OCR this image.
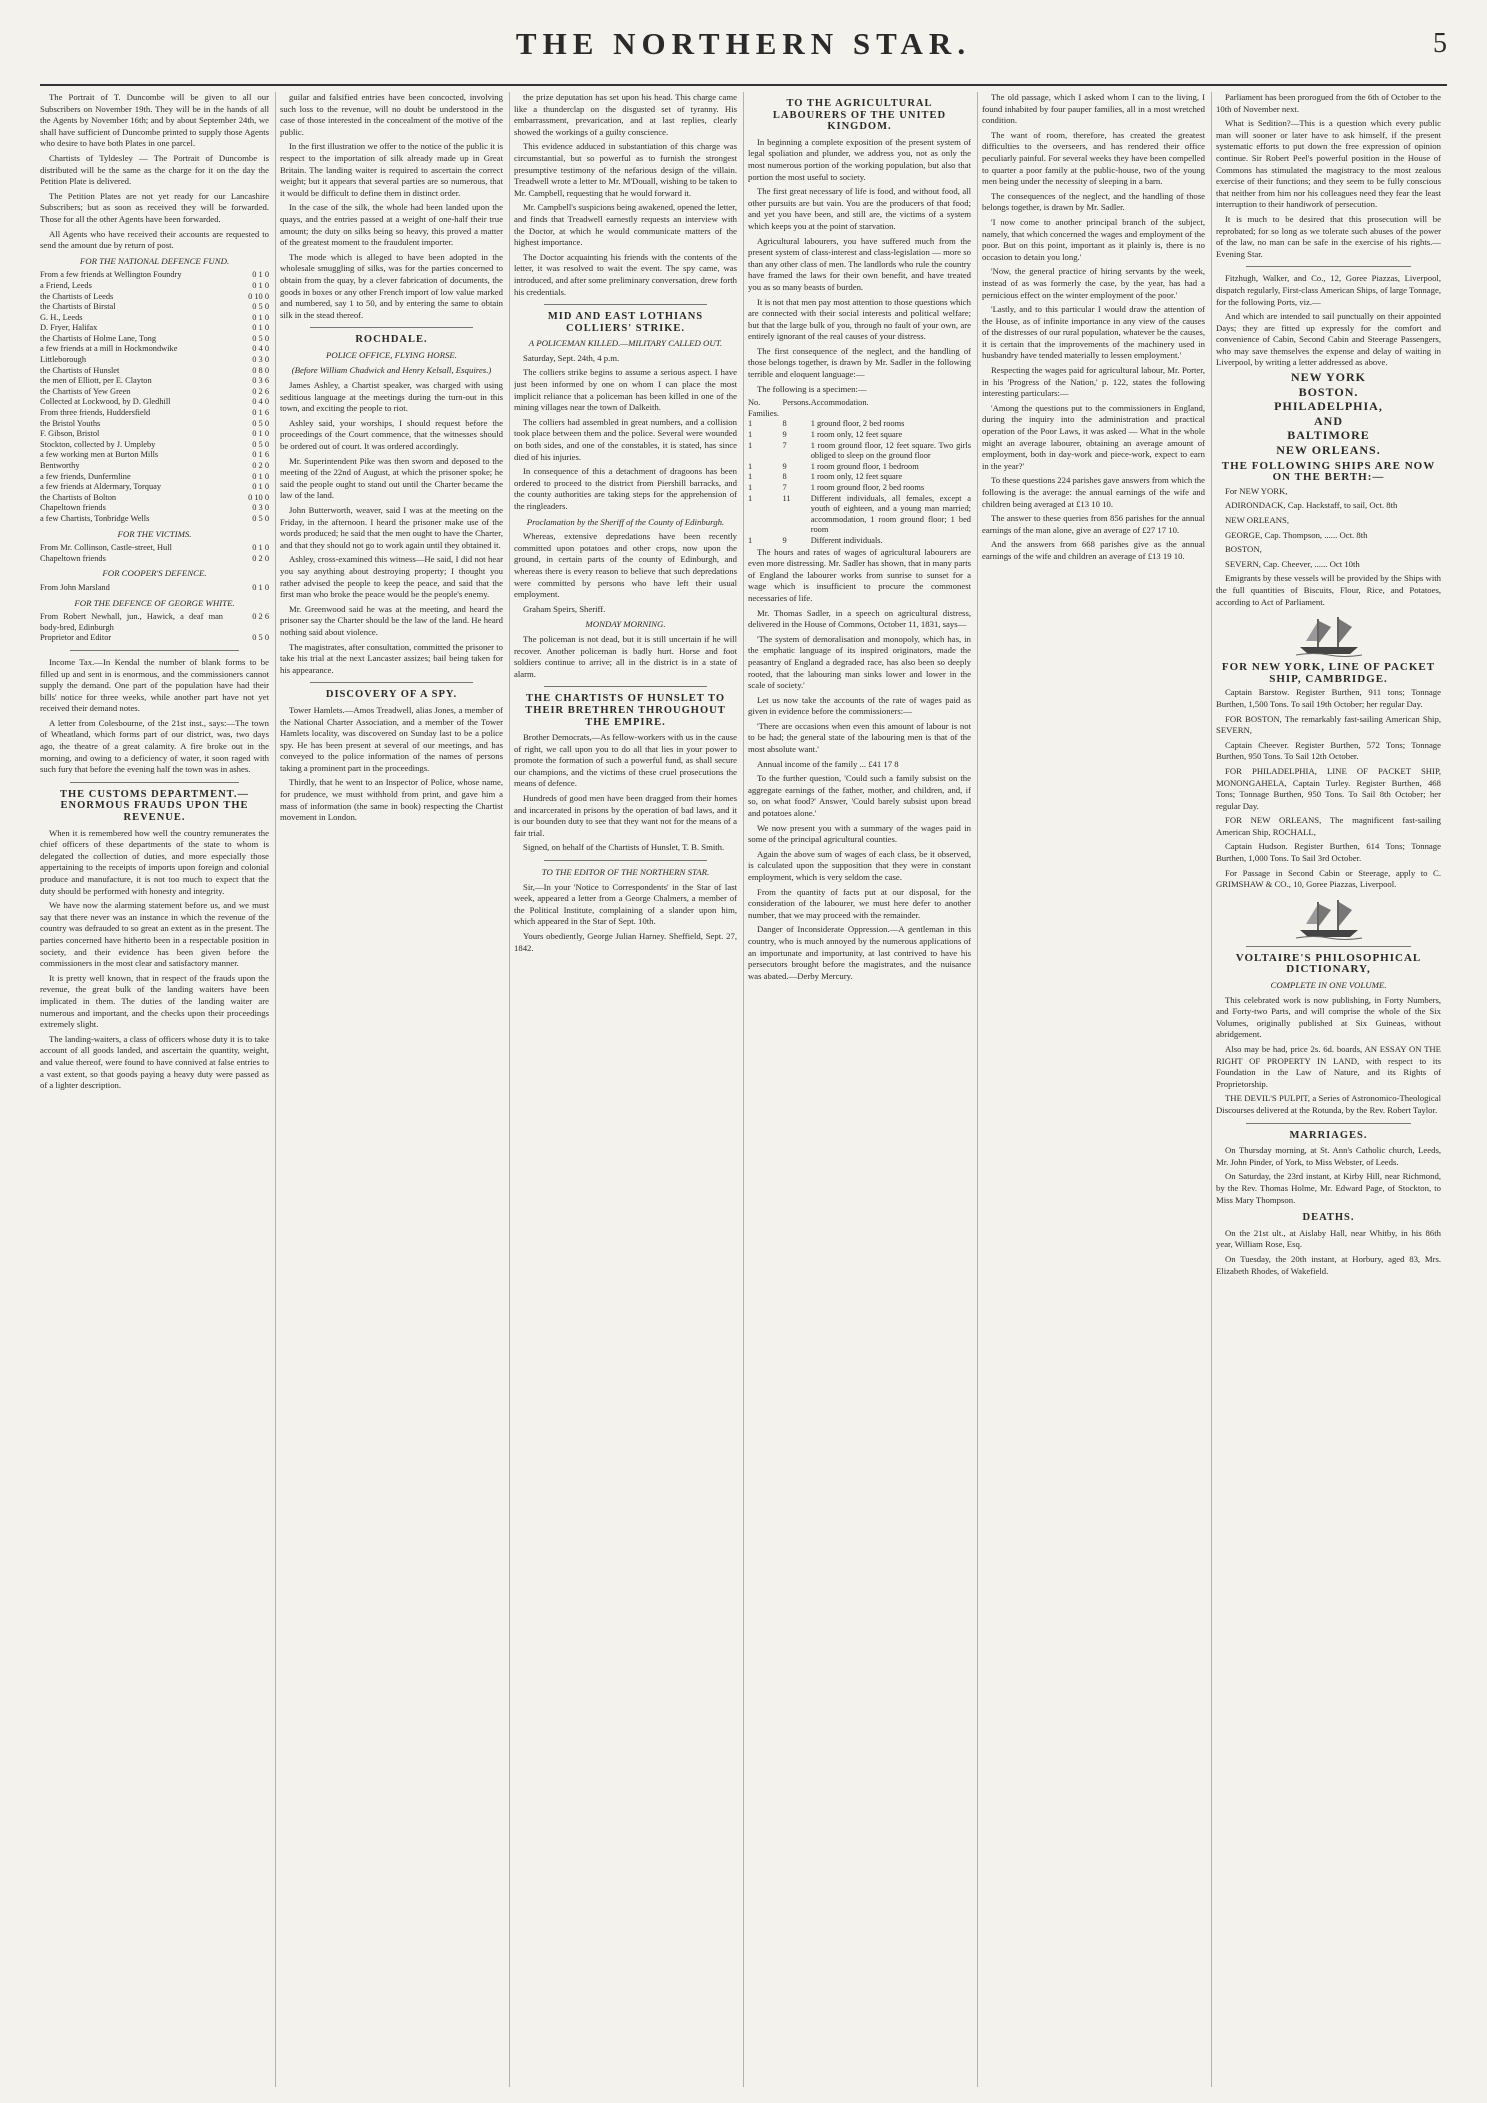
THE NORTHERN STAR.	5

The Portrait of T. Duncombe will be given to all our Subscribers on November 19th. They will be in the hands of all the Agents by November 16th; and by about September 24th, we shall have sufficient of Duncombe printed to supply those Agents who desire to have both Plates in one parcel.

Chartists of Tyldesley — The Portrait of Duncombe is distributed will be the same as the charge for it on the day the Petition Plate is delivered.

The Petition Plates are not yet ready for our Lancashire Subscribers; but as soon as received they will be forwarded. Those for all the other Agents have been forwarded.

All Agents who have received their accounts are requested to send the amount due by return of post.

FOR THE NATIONAL DEFENCE FUND.
From a few friends at Wellington Foundry	0 1 0
a Friend, Leeds	0 1 0
the Chartists of Leeds	0 10 0
the Chartists of Birstal	0 5 0
G. H., Leeds	0 1 0
D. Fryer, Halifax	0 1 0
the Chartists of Holme Lane, Tong	0 5 0
a few friends at a mill in Hockmondwike	0 4 0
Littleborough	0 3 0
the Chartists of Hunslet	0 8 0
the men of Elliott, per E. Clayton	0 3 6
the Chartists of Yew Green	0 2 6
Collected at Lockwood, by D. Gledhill	0 4 0
From three friends, Huddersfield	0 1 6
the Bristol Youths	0 5 0
F. Gibson, Bristol	0 1 0
Stockton, collected by J. Umpleby	0 5 0
a few working men at Burton Mills	0 1 6
Bentworthy	0 2 0
a few friends, Dunfermline	0 1 0
a few friends at Aldermary, Torquay	0 1 0
the Chartists of Bolton	0 10 0
Chapeltown friends	0 3 0
a few Chartists, Tonbridge Wells	0 5 0
FOR THE VICTIMS.
From Mr. Collinson, Castle-street, Hull	0 1 0
Chapeltown friends	0 2 0
FOR COOPER'S DEFENCE.
From John Marsland	0 1 0
FOR THE DEFENCE OF GEORGE WHITE.
From Robert Newhall, jun., Hawick, a deaf man body-bred, Edinburgh	0 2 6
Proprietor and Editor	0 5 0

Income Tax.—In Kendal the number of blank forms to be filled up and sent in is enormous, and the commissioners cannot supply the demand. One part of the population have had their bills' notice for three weeks, while another part have not yet received their demand notes.

A letter from Colesbourne, of the 21st inst., says:—The town of Wheatland, which forms part of our district, was, two days ago, the theatre of a great calamity. A fire broke out in the morning, and owing to a deficiency of water, it soon raged with such fury that before the evening half the town was in ashes.

THE CUSTOMS DEPARTMENT.—ENORMOUS FRAUDS UPON THE REVENUE.

When it is remembered how well the country remunerates the chief officers of these departments of the state to whom is delegated the collection of duties, and more especially those appertaining to the receipts of imports upon foreign and colonial produce and manufacture, it is not too much to expect that the duty should be performed with honesty and integrity.

We have now the alarming statement before us, and we must say that there never was an instance in which the revenue of the country was defrauded to so great an extent as in the present. The parties concerned have hitherto been in a respectable position in society, and their evidence has been given before the commissioners in the most clear and satisfactory manner.

It is pretty well known, that in respect of the frauds upon the revenue, the great bulk of the landing waiters have been implicated in them. The duties of the landing waiter are numerous and important, and the checks upon their proceedings extremely slight.

The landing-waiters, a class of officers whose duty it is to take account of all goods landed, and ascertain the quantity, weight, and value thereof, were found to have connived at false entries to a vast extent, so that goods paying a heavy duty were passed as of a lighter description.

guilar and falsified entries have been concocted, involving such loss to the revenue, will no doubt be understood in the case of those interested in the concealment of the motive of the public.

In the first illustration we offer to the notice of the public it is respect to the importation of silk already made up in Great Britain. The landing waiter is required to ascertain the correct weight; but it appears that several parties are so numerous, that it would be difficult to define them in distinct order.

In the case of the silk, the whole had been landed upon the quays, and the entries passed at a weight of one-half their true amount; the duty on silks being so heavy, this proved a matter of the greatest moment to the fraudulent importer.

The mode which is alleged to have been adopted in the wholesale smuggling of silks, was for the parties concerned to obtain from the quay, by a clever fabrication of documents, the goods in boxes or any other French import of low value marked and numbered, say 1 to 50, and by entering the same to obtain silk in the stead thereof.

ROCHDALE.
POLICE OFFICE, FLYING HORSE.
(Before William Chadwick and Henry Kelsall, Esquires.)

James Ashley, a Chartist speaker, was charged with using seditious language at the meetings during the turn-out in this town, and exciting the people to riot.

Ashley said, your worships, I should request before the proceedings of the Court commence, that the witnesses should be ordered out of court. It was ordered accordingly.

Mr. Superintendent Pike was then sworn and deposed to the meeting of the 22nd of August, at which the prisoner spoke; he said the people ought to stand out until the Charter became the law of the land.

John Butterworth, weaver, said I was at the meeting on the Friday, in the afternoon. I heard the prisoner make use of the words produced; he said that the men ought to have the Charter, and that they should not go to work again until they obtained it.

Ashley, cross-examined this witness—He said, I did not hear you say anything about destroying property; I thought you rather advised the people to keep the peace, and said that the first man who broke the peace would be the people's enemy.

Mr. Greenwood said he was at the meeting, and heard the prisoner say the Charter should be the law of the land. He heard nothing said about violence.

The magistrates, after consultation, committed the prisoner to take his trial at the next Lancaster assizes; bail being taken for his appearance.

DISCOVERY OF A SPY.

Tower Hamlets.—Amos Treadwell, alias Jones, a member of the National Charter Association, and a member of the Tower Hamlets locality, was discovered on Sunday last to be a police spy. He has been present at several of our meetings, and has conveyed to the police information of the names of persons taking a prominent part in the proceedings.

Thirdly, that he went to an Inspector of Police, whose name, for prudence, we must withhold from print, and gave him a mass of information (the same in book) respecting the Chartist movement in London.

the prize deputation has set upon his head. This charge came like a thunderclap on the disgusted set of tyranny. His embarrassment, prevarication, and at last replies, clearly showed the workings of a guilty conscience.

This evidence adduced in substantiation of this charge was circumstantial, but so powerful as to furnish the strongest presumptive testimony of the nefarious design of the villain. Treadwell wrote a letter to Mr. M'Douall, wishing to be taken to Mr. Campbell, requesting that he would forward it.

Mr. Campbell's suspicions being awakened, opened the letter, and finds that Treadwell earnestly requests an interview with the Doctor, at which he would communicate matters of the highest importance.

The Doctor acquainting his friends with the contents of the letter, it was resolved to wait the event. The spy came, was introduced, and after some preliminary conversation, drew forth his credentials.

MID AND EAST LOTHIANS COLLIERS' STRIKE.
A POLICEMAN KILLED.—MILITARY CALLED OUT.

Saturday, Sept. 24th, 4 p.m.

The colliers strike begins to assume a serious aspect. I have just been informed by one on whom I can place the most implicit reliance that a policeman has been killed in one of the mining villages near the town of Dalkeith.

The colliers had assembled in great numbers, and a collision took place between them and the police. Several were wounded on both sides, and one of the constables, it is stated, has since died of his injuries.

In consequence of this a detachment of dragoons has been ordered to proceed to the district from Piershill barracks, and the county authorities are taking steps for the apprehension of the ringleaders.

Proclamation by the Sheriff of the County of Edinburgh.

Whereas, extensive depredations have been recently committed upon potatoes and other crops, now upon the ground, in certain parts of the county of Edinburgh, and whereas there is every reason to believe that such depredations were committed by persons who have left their usual employment.

Graham Speirs, Sheriff.

MONDAY MORNING.

The policeman is not dead, but it is still uncertain if he will recover. Another policeman is badly hurt. Horse and foot soldiers continue to arrive; all in the district is in a state of alarm.

THE CHARTISTS OF HUNSLET TO THEIR BRETHREN THROUGHOUT THE EMPIRE.

Brother Democrats,—As fellow-workers with us in the cause of right, we call upon you to do all that lies in your power to promote the formation of such a powerful fund, as shall secure our champions, and the victims of these cruel prosecutions the means of defence.

Hundreds of good men have been dragged from their homes and incarcerated in prisons by the operation of bad laws, and it is our bounden duty to see that they want not for the means of a fair trial.

Signed, on behalf of the Chartists of Hunslet, T. B. Smith.

TO THE EDITOR OF THE NORTHERN STAR.

Sir,—In your 'Notice to Correspondents' in the Star of last week, appeared a letter from a George Chalmers, a member of the Political Institute, complaining of a slander upon him, which appeared in the Star of Sept. 10th.

Yours obediently, George Julian Harney. Sheffield, Sept. 27, 1842.

TO THE AGRICULTURAL LABOURERS OF THE UNITED KINGDOM.

In beginning a complete exposition of the present system of legal spoliation and plunder, we address you, not as only the most numerous portion of the working population, but also that portion the most useful to society.

The first great necessary of life is food, and without food, all other pursuits are but vain. You are the producers of that food; and yet you have been, and still are, the victims of a system which keeps you at the point of starvation.

Agricultural labourers, you have suffered much from the present system of class-interest and class-legislation — more so than any other class of men. The landlords who rule the country have framed the laws for their own benefit, and have treated you as so many beasts of burden.

It is not that men pay most attention to those questions which are connected with their social interests and political welfare; but that the large bulk of you, through no fault of your own, are entirely ignorant of the real causes of your distress.

The first consequence of the neglect, and the handling of those belongs together, is drawn by Mr. Sadler in the following terrible and eloquent language:—

The following is a specimen:—

No. Families.	Persons.	Accommodation.
1	8	1 ground floor, 2 bed rooms
1	9	1 room only, 12 feet square
1	7	1 room ground floor, 12 feet square. Two girls obliged to sleep on the ground floor
1	9	1 room ground floor, 1 bedroom
1	8	1 room only, 12 feet square
1	7	1 room ground floor, 2 bed rooms
1	11	Different individuals, all females, except a youth of eighteen, and a young man married; accommodation, 1 room ground floor; 1 bed room
1	9	Different individuals.

The hours and rates of wages of agricultural labourers are even more distressing. Mr. Sadler has shown, that in many parts of England the labourer works from sunrise to sunset for a wage which is insufficient to procure the commonest necessaries of life.

Mr. Thomas Sadler, in a speech on agricultural distress, delivered in the House of Commons, October 11, 1831, says—

'The system of demoralisation and monopoly, which has, in the emphatic language of its inspired originators, made the peasantry of England a degraded race, has also been so deeply rooted, that the labouring man sinks lower and lower in the scale of society.'

Let us now take the accounts of the rate of wages paid as given in evidence before the commissioners:—

'There are occasions when even this amount of labour is not to be had; the general state of the labouring men is that of the most absolute want.'

Annual income of the family ... £41 17 8

To the further question, 'Could such a family subsist on the aggregate earnings of the father, mother, and children, and, if so, on what food?' Answer, 'Could barely subsist upon bread and potatoes alone.'

We now present you with a summary of the wages paid in some of the principal agricultural counties.

Again the above sum of wages of each class, be it observed, is calculated upon the supposition that they were in constant employment, which is very seldom the case.

From the quantity of facts put at our disposal, for the consideration of the labourer, we must here defer to another number, that we may proceed with the remainder.

Danger of Inconsiderate Oppression.—A gentleman in this country, who is much annoyed by the numerous applications of an importunate and importunity, at last contrived to have his persecutors brought before the magistrates, and the nuisance was abated.—Derby Mercury.

The old passage, which I asked whom I can to the living, I found inhabited by four pauper families, all in a most wretched condition.

The want of room, therefore, has created the greatest difficulties to the overseers, and has rendered their office peculiarly painful. For several weeks they have been compelled to quarter a poor family at the public-house, two of the young men being under the necessity of sleeping in a barn.

The consequences of the neglect, and the handling of those belongs together, is drawn by Mr. Sadler.

'I now come to another principal branch of the subject, namely, that which concerned the wages and employment of the poor. But on this point, important as it plainly is, there is no occasion to detain you long.'

'Now, the general practice of hiring servants by the week, instead of as was formerly the case, by the year, has had a pernicious effect on the winter employment of the poor.'

'Lastly, and to this particular I would draw the attention of the House, as of infinite importance in any view of the causes of the distresses of our rural population, whatever be the causes, it is certain that the improvements of the machinery used in husbandry have tended materially to lessen employment.'

Respecting the wages paid for agricultural labour, Mr. Porter, in his 'Progress of the Nation,' p. 122, states the following interesting particulars:—

'Among the questions put to the commissioners in England, during the inquiry into the administration and practical operation of the Poor Laws, it was asked — What in the whole might an average labourer, obtaining an average amount of employment, both in day-work and piece-work, expect to earn in the year?'

To these questions 224 parishes gave answers from which the following is the average: the annual earnings of the wife and children being averaged at £13 10 10.

The answer to these queries from 856 parishes for the annual earnings of the man alone, give an average of £27 17 10.

And the answers from 668 parishes give as the annual earnings of the wife and children an average of £13 19 10.

Parliament has been prorogued from the 6th of October to the 10th of November next.

What is Sedition?—This is a question which every public man will sooner or later have to ask himself, if the present systematic efforts to put down the free expression of opinion continue. Sir Robert Peel's powerful position in the House of Commons has stimulated the magistracy to the most zealous exercise of their functions; and they seem to be fully conscious that neither from him nor his colleagues need they fear the least interruption to their handiwork of persecution.

It is much to be desired that this prosecution will be reprobated; for so long as we tolerate such abuses of the power of the law, no man can be safe in the exercise of his rights.—Evening Star.

Fitzhugh, Walker, and Co., 12, Goree Piazzas, Liverpool, dispatch regularly, First-class American Ships, of large Tonnage, for the following Ports, viz.—

And which are intended to sail punctually on their appointed Days; they are fitted up expressly for the comfort and convenience of Cabin, Second Cabin and Steerage Passengers, who may save themselves the expense and delay of waiting in Liverpool, by writing a letter addressed as above.

NEW YORK
BOSTON.
PHILADELPHIA,
AND
BALTIMORE
NEW ORLEANS.
THE FOLLOWING SHIPS ARE NOW ON THE BERTH:—

For NEW YORK,

ADIRONDACK, Cap. Hackstaff, to sail, Oct. 8th

NEW ORLEANS,

GEORGE, Cap. Thompson, ...... Oct. 8th

BOSTON,

SEVERN, Cap. Cheever, ...... Oct 10th

Emigrants by these vessels will be provided by the Ships with the full quantities of Biscuits, Flour, Rice, and Potatoes, according to Act of Parliament.

FOR NEW YORK, LINE OF PACKET SHIP, CAMBRIDGE.

Captain Barstow. Register Burthen, 911 tons; Tonnage Burthen, 1,500 Tons. To sail 19th October; her regular Day.

FOR BOSTON, The remarkably fast-sailing American Ship, SEVERN,

Captain Cheever. Register Burthen, 572 Tons; Tonnage Burthen, 950 Tons. To Sail 12th October.

FOR PHILADELPHIA, LINE OF PACKET SHIP, MONONGAHELA, Captain Turley. Register Burthen, 468 Tons; Tonnage Burthen, 950 Tons. To Sail 8th October; her regular Day.

FOR NEW ORLEANS, The magnificent fast-sailing American Ship, ROCHALL,

Captain Hudson. Register Burthen, 614 Tons; Tonnage Burthen, 1,000 Tons. To Sail 3rd October.

For Passage in Second Cabin or Steerage, apply to C. GRIMSHAW & CO., 10, Goree Piazzas, Liverpool.

VOLTAIRE'S PHILOSOPHICAL DICTIONARY,
COMPLETE IN ONE VOLUME.

This celebrated work is now publishing, in Forty Numbers, and Forty-two Parts, and will comprise the whole of the Six Volumes, originally published at Six Guineas, without abridgement.

Also may be had, price 2s. 6d. boards, AN ESSAY ON THE RIGHT OF PROPERTY IN LAND, with respect to its Foundation in the Law of Nature, and its Rights of Proprietorship.

THE DEVIL'S PULPIT, a Series of Astronomico-Theological Discourses delivered at the Rotunda, by the Rev. Robert Taylor.

MARRIAGES.

On Thursday morning, at St. Ann's Catholic church, Leeds, Mr. John Pinder, of York, to Miss Webster, of Leeds.

On Saturday, the 23rd instant, at Kirby Hill, near Richmond, by the Rev. Thomas Holme, Mr. Edward Page, of Stockton, to Miss Mary Thompson.

DEATHS.

On the 21st ult., at Aislaby Hall, near Whitby, in his 86th year, William Rose, Esq.

On Tuesday, the 20th instant, at Horbury, aged 83, Mrs. Elizabeth Rhodes, of Wakefield.
